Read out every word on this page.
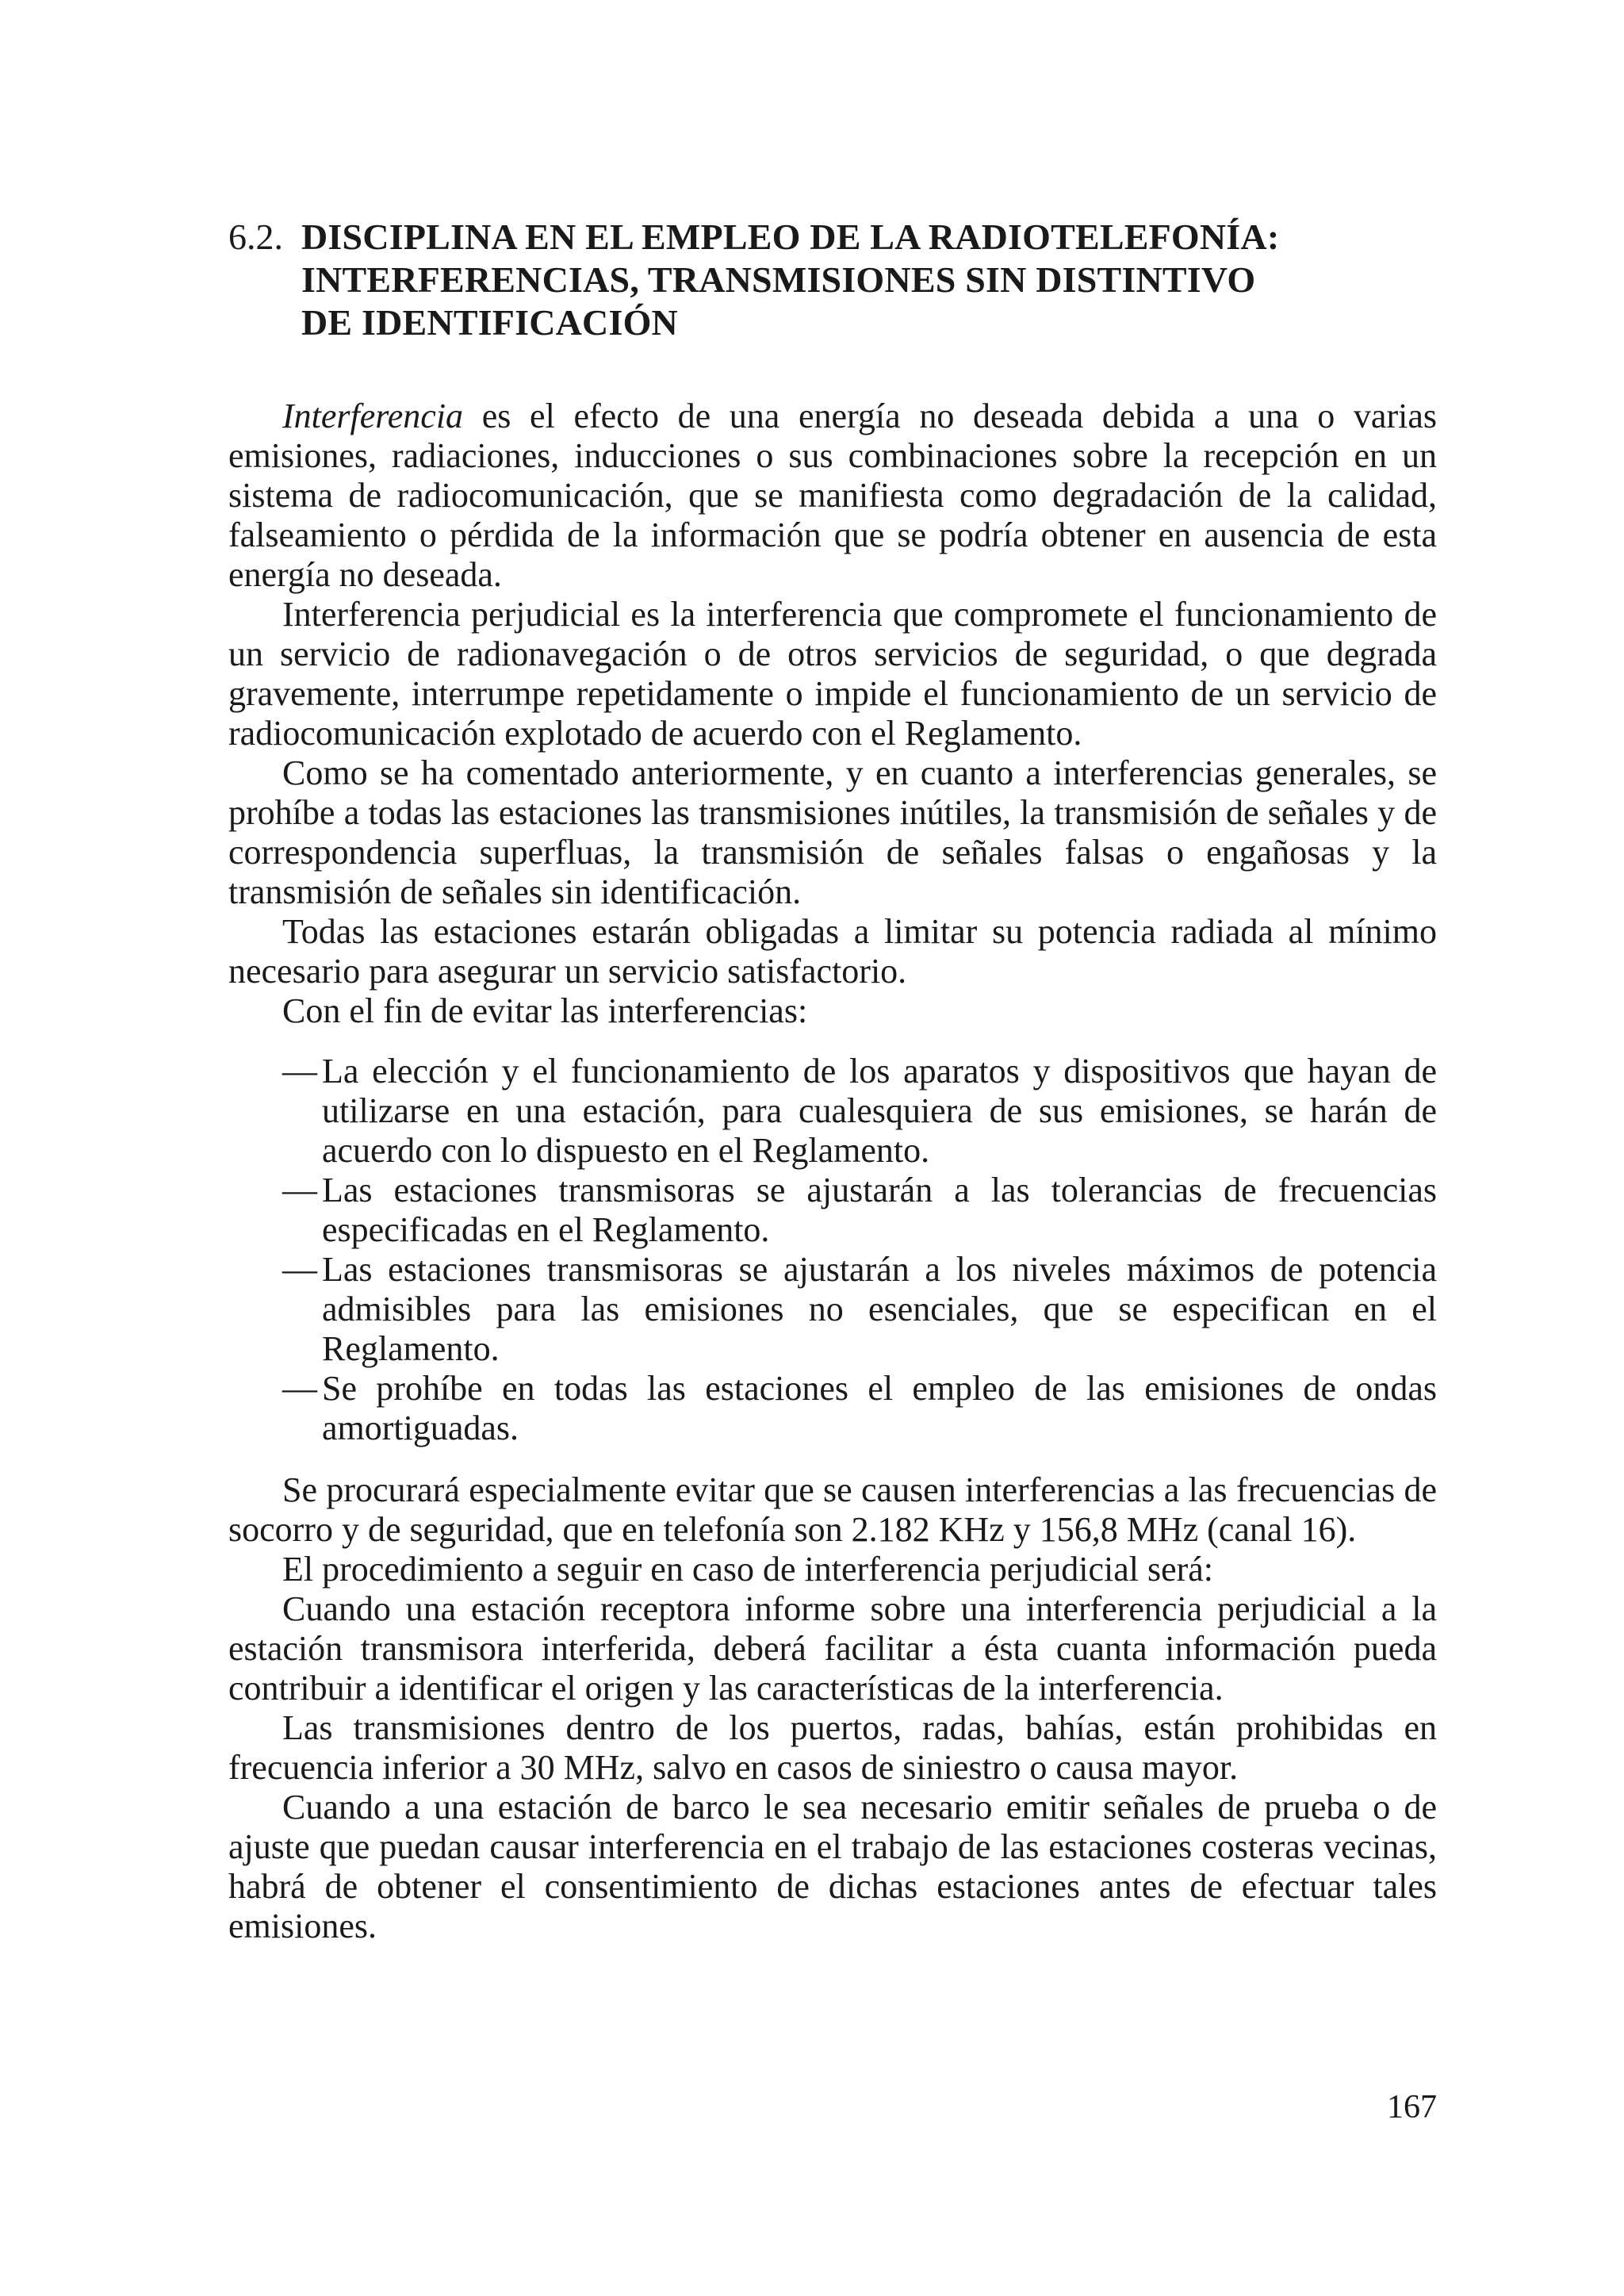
6.2. DISCIPLINA EN EL EMPLEO DE LA RADIOTELEFONÍA:
INTERFERENCIAS, TRANSMISIONES SIN DISTINTIVO
DE IDENTIFICACIÓN

Interferencia es el efecto de una energía no deseada debida a una o varias emisiones, radiaciones, inducciones o sus combinaciones sobre la recepción en un sistema de radiocomunicación, que se manifiesta como degradación de la calidad, falseamiento o pérdida de la información que se podría obtener en ausencia de esta energía no deseada.

Interferencia perjudicial es la interferencia que compromete el funcionamiento de un servicio de radionavegación o de otros servicios de seguridad, o que degrada gravemente, interrumpe repetidamente o impide el funcionamiento de un servicio de radiocomunicación explotado de acuerdo con el Reglamento.

Como se ha comentado anteriormente, y en cuanto a interferencias generales, se prohíbe a todas las estaciones las transmisiones inútiles, la transmisión de señales y de correspondencia superfluas, la transmisión de señales falsas o engañosas y la transmisión de señales sin identificación.

Todas las estaciones estarán obligadas a limitar su potencia radiada al mínimo necesario para asegurar un servicio satisfactorio.

Con el fin de evitar las interferencias:

— La elección y el funcionamiento de los aparatos y dispositivos que hayan de utilizarse en una estación, para cualesquiera de sus emisiones, se harán de acuerdo con lo dispuesto en el Reglamento.
— Las estaciones transmisoras se ajustarán a las tolerancias de frecuencias especificadas en el Reglamento.
— Las estaciones transmisoras se ajustarán a los niveles máximos de potencia admisibles para las emisiones no esenciales, que se especifican en el Reglamento.
— Se prohíbe en todas las estaciones el empleo de las emisiones de ondas amortiguadas.

Se procurará especialmente evitar que se causen interferencias a las frecuencias de socorro y de seguridad, que en telefonía son 2.182 KHz y 156,8 MHz (canal 16).

El procedimiento a seguir en caso de interferencia perjudicial será:

Cuando una estación receptora informe sobre una interferencia perjudicial a la estación transmisora interferida, deberá facilitar a ésta cuanta información pueda contribuir a identificar el origen y las características de la interferencia.

Las transmisiones dentro de los puertos, radas, bahías, están prohibidas en frecuencia inferior a 30 MHz, salvo en casos de siniestro o causa mayor.

Cuando a una estación de barco le sea necesario emitir señales de prueba o de ajuste que puedan causar interferencia en el trabajo de las estaciones costeras vecinas, habrá de obtener el consentimiento de dichas estaciones antes de efectuar tales emisiones.

167
